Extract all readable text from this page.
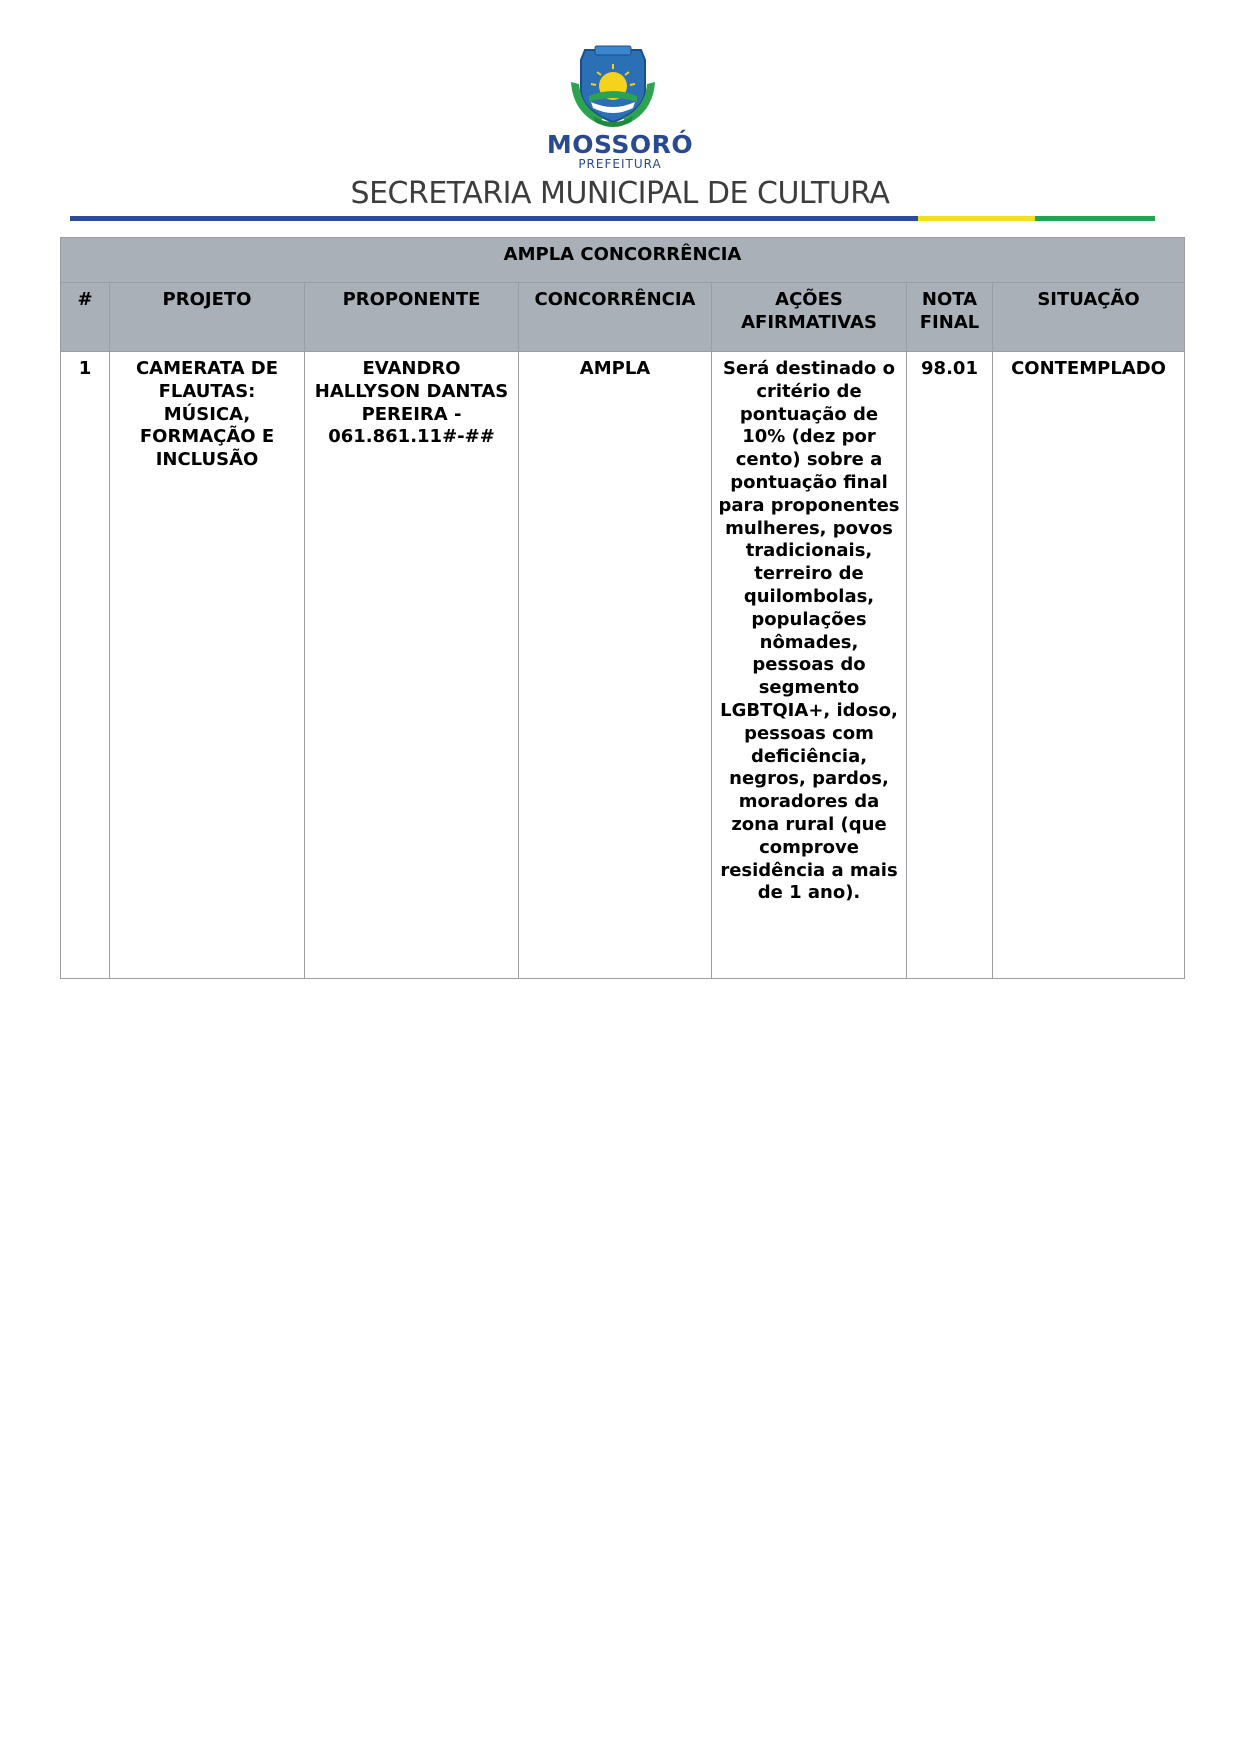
MOSSORÓ
PREFEITURA
SECRETARIA MUNICIPAL DE CULTURA
AMPLA CONCORRÊNCIA						
#	PROJETO	PROPONENTE	CONCORRÊNCIA	AÇÕES AFIRMATIVAS	NOTA FINAL	SITUAÇÃO
1	CAMERATA DE FLAUTAS: MÚSICA, FORMAÇÃO E INCLUSÃO	EVANDRO HALLYSON DANTAS PEREIRA - 061.861.11#-##	AMPLA	Será destinado o critério de pontuação de 10% (dez por cento) sobre a pontuação final para proponentes mulheres, povos tradicionais, terreiro de quilombolas, populações nômades, pessoas do segmento LGBTQIA+, idoso, pessoas com deficiência, negros, pardos, moradores da zona rural (que comprove residência a mais de 1 ano).	98.01	CONTEMPLADO
